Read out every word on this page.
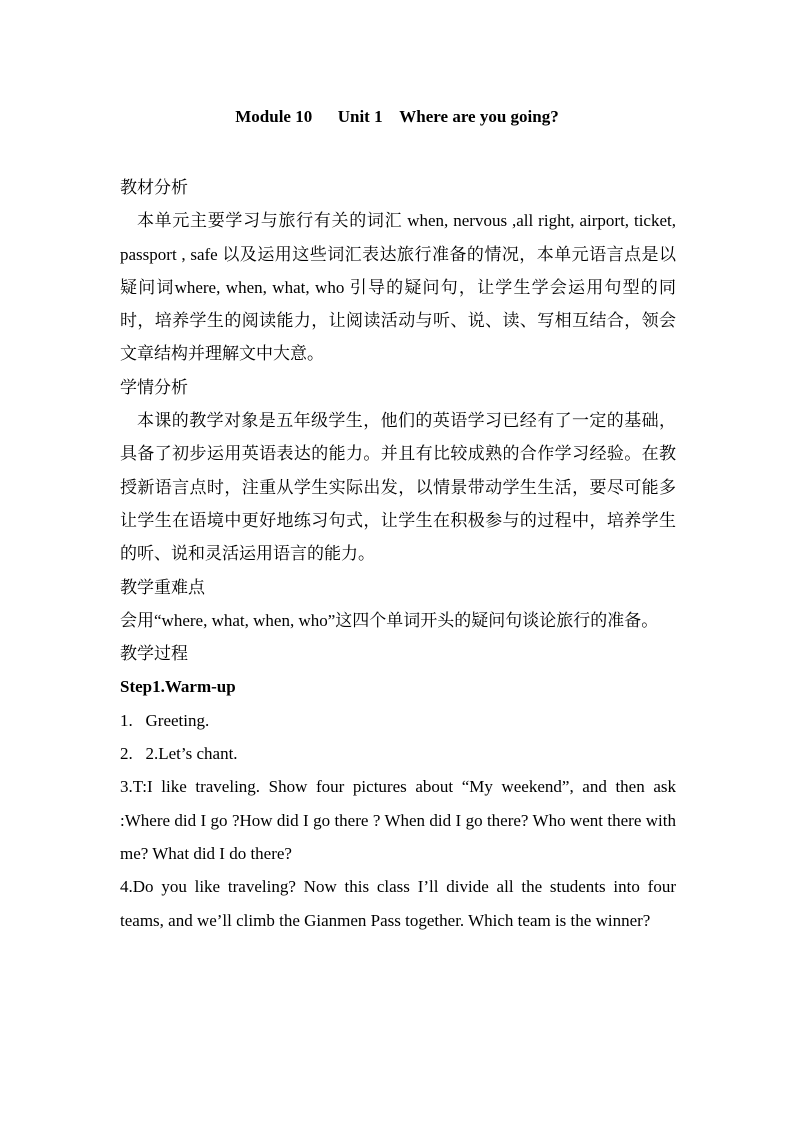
Module 10      Unit 1    Where are you going?

教材分析

本单元主要学习与旅行有关的词汇 when, nervous ,all right, airport, ticket, passport , safe 以及运用这些词汇表达旅行准备的情况，本单元语言点是以疑问词where, when, what, who 引导的疑问句，让学生学会运用句型的同时，培养学生的阅读能力，让阅读活动与听、说、读、写相互结合，领会文章结构并理解文中大意。

学情分析

本课的教学对象是五年级学生，他们的英语学习已经有了一定的基础，具备了初步运用英语表达的能力。并且有比较成熟的合作学习经验。在教授新语言点时，注重从学生实际出发，以情景带动学生生活，要尽可能多让学生在语境中更好地练习句式，让学生在积极参与的过程中，培养学生的听、说和灵活运用语言的能力。

教学重难点

会用“where, what, when, who”这四个单词开头的疑问句谈论旅行的准备。

教学过程

Step1.Warm-up

1.   Greeting.

2.   2.Let’s chant.

3.T:I like traveling. Show four pictures about “My weekend”, and then ask :Where did I go ?How did I go there ? When did I go there? Who went there with me? What did I do there?

4.Do you like traveling? Now this class I’ll divide all the students into four teams, and we’ll climb the Gianmen Pass together. Which team is the winner?
